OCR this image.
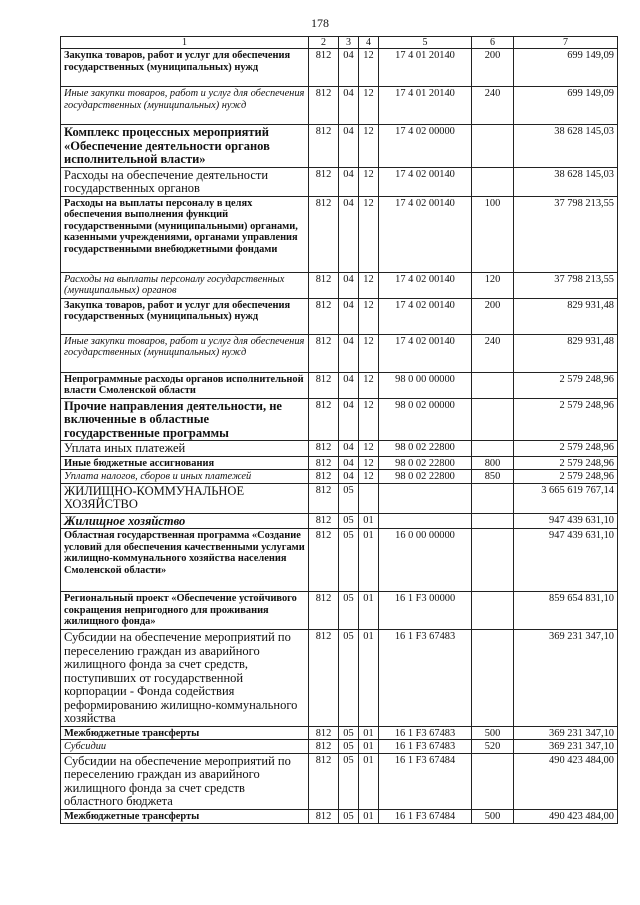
178
1	2	3	4	5	6	7
Закупка товаров, работ и услуг для обеспечения государственных (муниципальных) нужд	812	04	12	17 4 01 20140	200	699 149,09
Иные закупки товаров, работ и услуг для обеспечения государственных (муниципальных) нужд	812	04	12	17 4 01 20140	240	699 149,09
Комплекс процессных мероприятий «Обеспечение деятельности органов исполнительной власти»	812	04	12	17 4 02 00000		38 628 145,03
Расходы на обеспечение деятельности государственных органов	812	04	12	17 4 02 00140		38 628 145,03
Расходы на выплаты персоналу в целях обеспечения выполнения функций государственными (муниципальными) органами, казенными учреждениями, органами управления государственными внебюджетными фондами	812	04	12	17 4 02 00140	100	37 798 213,55
Расходы на выплаты персоналу государственных (муниципальных) органов	812	04	12	17 4 02 00140	120	37 798 213,55
Закупка товаров, работ и услуг для обеспечения государственных (муниципальных) нужд	812	04	12	17 4 02 00140	200	829 931,48
Иные закупки товаров, работ и услуг для обеспечения государственных (муниципальных) нужд	812	04	12	17 4 02 00140	240	829 931,48
Непрограммные расходы органов исполнительной власти Смоленской области	812	04	12	98 0 00 00000		2 579 248,96
Прочие направления деятельности, не включенные в областные государственные программы	812	04	12	98 0 02 00000		2 579 248,96
Уплата иных платежей	812	04	12	98 0 02 22800		2 579 248,96
Иные бюджетные ассигнования	812	04	12	98 0 02 22800	800	2 579 248,96
Уплата налогов, сборов и иных платежей	812	04	12	98 0 02 22800	850	2 579 248,96
ЖИЛИЩНО-КОММУНАЛЬНОЕ ХОЗЯЙСТВО	812	05				3 665 619 767,14
Жилищное хозяйство	812	05	01			947 439 631,10
Областная государственная программа «Создание условий для обеспечения качественными услугами жилищно-коммунального хозяйства населения Смоленской области»	812	05	01	16 0 00 00000		947 439 631,10
Региональный проект «Обеспечение устойчивого сокращения непригодного для проживания жилищного фонда»	812	05	01	16 1 F3 00000		859 654 831,10
Субсидии на обеспечение мероприятий по переселению граждан из аварийного жилищного фонда за счет средств, поступивших от государственной корпорации - Фонда содействия реформированию жилищно-коммунального хозяйства	812	05	01	16 1 F3 67483		369 231 347,10
Межбюджетные трансферты	812	05	01	16 1 F3 67483	500	369 231 347,10
Субсидии	812	05	01	16 1 F3 67483	520	369 231 347,10
Субсидии на обеспечение мероприятий по переселению граждан из аварийного жилищного фонда за счет средств областного бюджета	812	05	01	16 1 F3 67484		490 423 484,00
Межбюджетные трансферты	812	05	01	16 1 F3 67484	500	490 423 484,00
